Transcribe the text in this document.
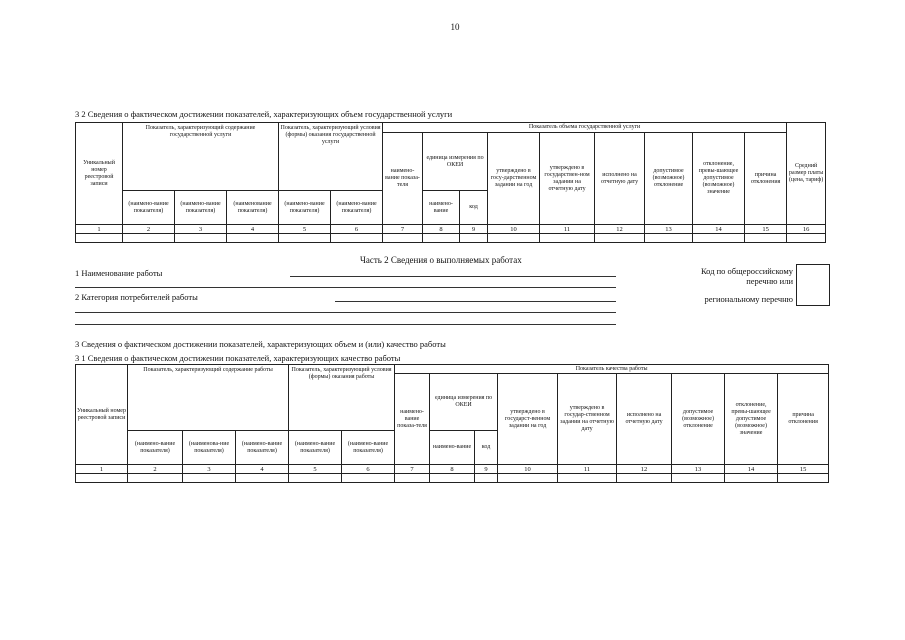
10
3 2 Сведения о фактическом достижении показателей, характеризующих объем государственной услуги
Уникальный номер реестровой записи	Показатель, характеризующий содержание государственной услуги			Показатель, характеризующий условия (формы) оказания государственной услуги		Показатель объема государственной услуги									Средний размер платы (цена, тариф)
						наимено-вание показа-теля	единица измерения по ОКЕИ		утверждено в госу-дарственном задании на год	утверждено в государствен-ном задании на отчетную дату	исполнено на отчетную дату	допустимое (возможное) отклонение	отклонение, превы-шающее допустимое (возможное) значение	причина отклонения	
	(наимено-вание показателя)	(наимено-вание показателя)	(наименование показателя)	(наимено-вание показателя)	(наимено-вание показателя)		наимено-вание	код							
1	2	3	4	5	6	7	8	9	10	11	12	13	14	15	16

Часть 2 Сведения о выполняемых работах
1 Наименование работы
2 Категория потребителей работы
Код по общероссийскому
перечню или
региональному перечню
3 Сведения о фактическом достижении показателей, характеризующих объем и (или) качество работы
3 1 Сведения о фактическом достижении показателей, характеризующих качество работы
Уникальный номер реестровой записи	Показатель, характеризующий содержание работы			Показатель, характеризующий условия (формы) оказания работы		Показатель качества работы								
						наимено-вание показа-теля	единица измерения по ОКЕИ		утверждено в государст-венном задании на год	утверждено в государ-ственном задании на отчетную дату	исполнено на отчетную дату	допустимое (возможное) отклонение	отклонение, превы-шающее допустимое (возможное) значение	причина отклонения
	(наимено-вание показателя)	(наименова-ние показателя)	(наимено-вание показателя)	(наимено-вание показателя)	(наимено-вание показателя)		наимено-вание	код						
1	2	3	4	5	6	7	8	9	10	11	12	13	14	15
